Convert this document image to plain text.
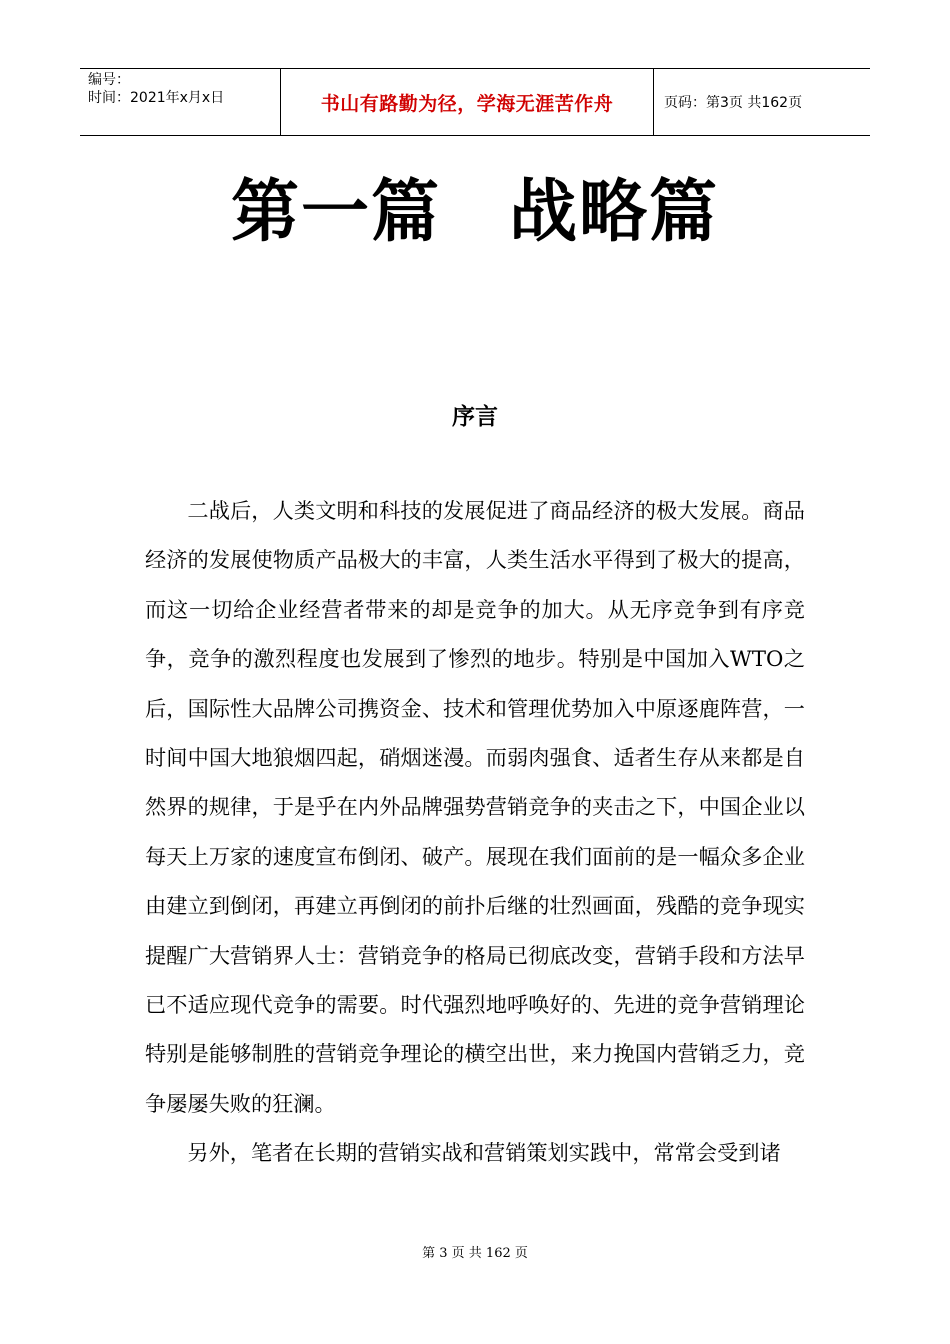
编号：
时间：2021年x月x日	书山有路勤为径，学海无涯苦作舟	页码：第3页 共162页
第一篇 战略篇
序言

二战后，人类文明和科技的发展促进了商品经济的极大发展。商品经济的发展使物质产品极大的丰富，人类生活水平得到了极大的提高，而这一切给企业经营者带来的却是竞争的加大。从无序竞争到有序竞争，竞争的激烈程度也发展到了惨烈的地步。特别是中国加入WTO之后，国际性大品牌公司携资金、技术和管理优势加入中原逐鹿阵营，一时间中国大地狼烟四起，硝烟迷漫。而弱肉强食、适者生存从来都是自然界的规律，于是乎在内外品牌强势营销竞争的夹击之下，中国企业以每天上万家的速度宣布倒闭、破产。展现在我们面前的是一幅众多企业由建立到倒闭，再建立再倒闭的前扑后继的壮烈画面，残酷的竞争现实提醒广大营销界人士：营销竞争的格局已彻底改变，营销手段和方法早已不适应现代竞争的需要。时代强烈地呼唤好的、先进的竞争营销理论特别是能够制胜的营销竞争理论的横空出世，来力挽国内营销乏力，竞争屡屡失败的狂澜。

另外，笔者在长期的营销实战和营销策划实践中，常常会受到诸

第 3 页 共 162 页
